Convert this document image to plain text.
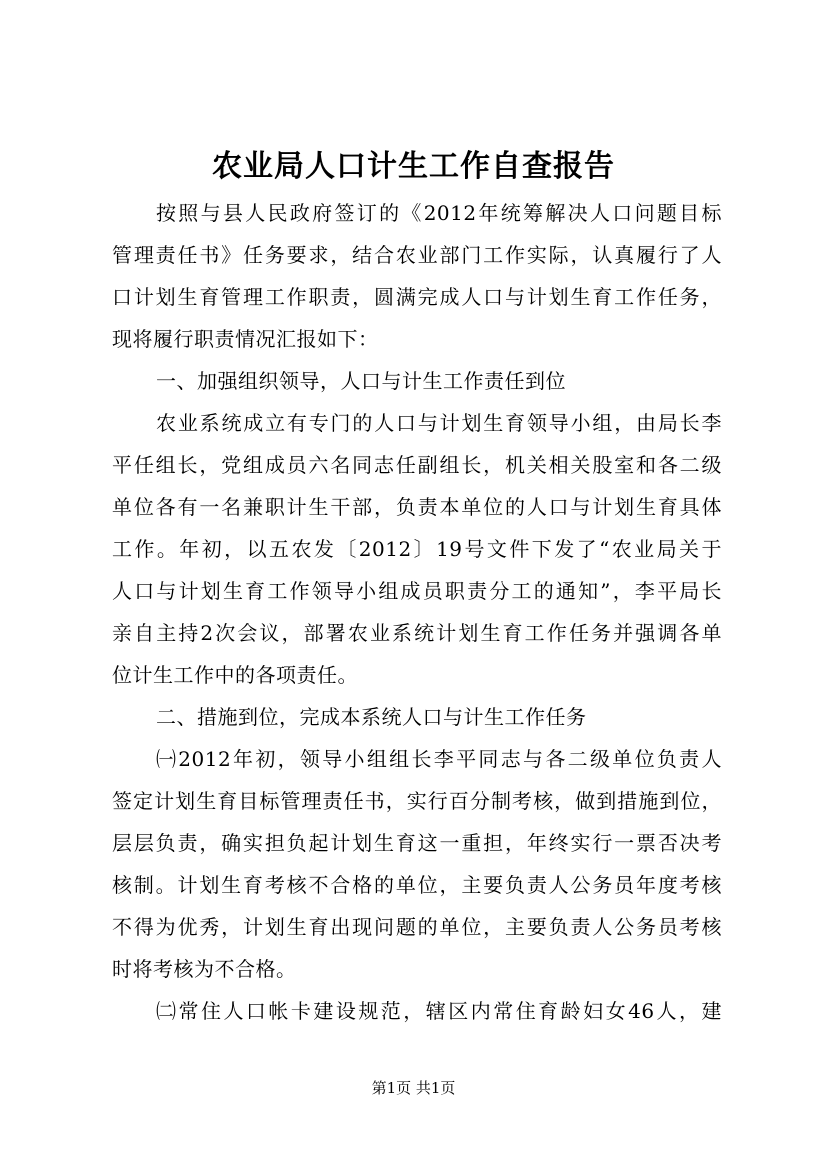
农业局人口计生工作自查报告
按照与县人民政府签订的《2012年统筹解决人口问题目标
管理责任书》任务要求，结合农业部门工作实际，认真履行了人
口计划生育管理工作职责，圆满完成人口与计划生育工作任务，
现将履行职责情况汇报如下：
一、加强组织领导，人口与计生工作责任到位
农业系统成立有专门的人口与计划生育领导小组，由局长李
平任组长，党组成员六名同志任副组长，机关相关股室和各二级
单位各有一名兼职计生干部，负责本单位的人口与计划生育具体
工作。年初，以五农发〔2012〕19号文件下发了“农业局关于
人口与计划生育工作领导小组成员职责分工的通知”，李平局长
亲自主持2次会议，部署农业系统计划生育工作任务并强调各单
位计生工作中的各项责任。
二、措施到位，完成本系统人口与计生工作任务
㈠2012年初，领导小组组长李平同志与各二级单位负责人
签定计划生育目标管理责任书，实行百分制考核，做到措施到位，
层层负责，确实担负起计划生育这一重担，年终实行一票否决考
核制。计划生育考核不合格的单位，主要负责人公务员年度考核
不得为优秀，计划生育出现问题的单位，主要负责人公务员考核
时将考核为不合格。
㈡常住人口帐卡建设规范，辖区内常住育龄妇女46人，建
第1页 共1页
